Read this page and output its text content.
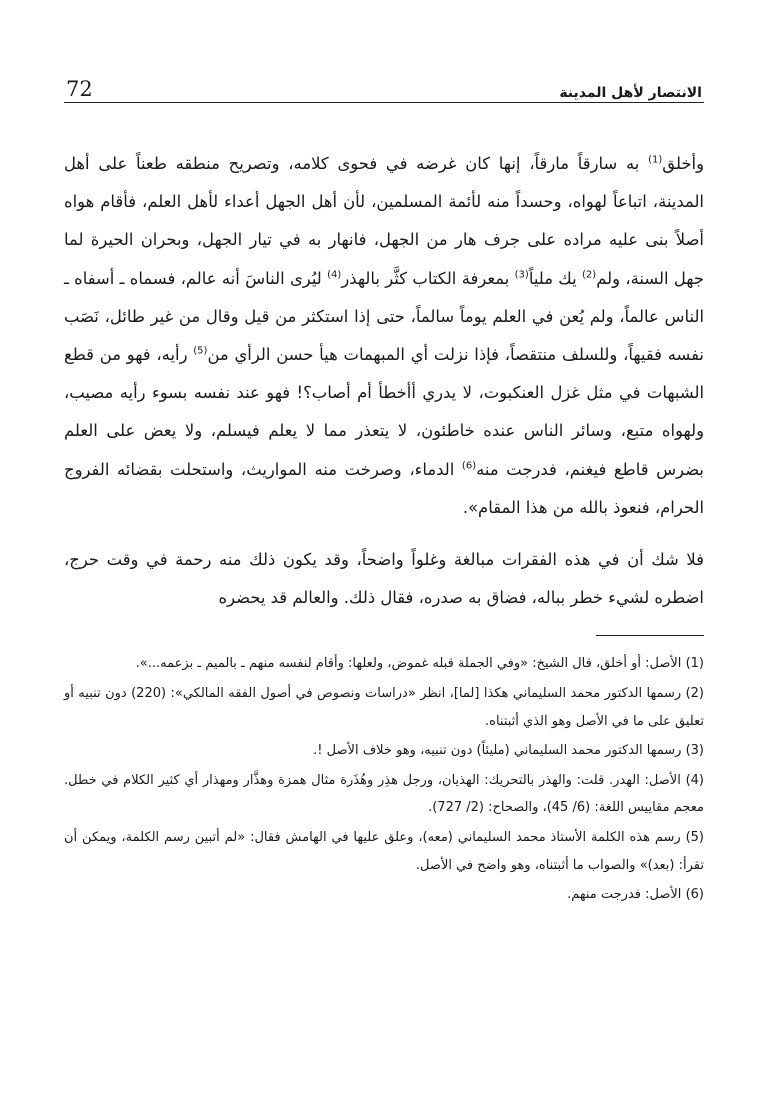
72	الانتصار لأهل المدينة

وأخلق$^{(1)}$ به سارقاً مارقاً، إنها كان غرضه في فحوى كلامه، وتصريح منطقه طعناً على أهل المدينة، اتباعاً لهواه، وحسداً منه لأئمة المسلمين، لأن أهل الجهل أعداء لأهل العلم، فأقام هواه أصلاً بنى عليه مراده على جرف هار من الجهل، فانهار به في تيار الجهل، وبحران الحيرة لما جهل السنة، ولم$^{(2)}$ يك ملياً$^{(3)}$ بمعرفة الكتاب كثَّر بالهذر$^{(4)}$ ليُرى الناسَ أنه عالم، فسماه ـ أسفاه ـ الناس عالماً، ولم يُعن في العلم يوماً سالماً، حتى إذا استكثر من قيل وقال من غير طائل، نَصَب نفسه فقيهاً، وللسلف منتقصاً، فإذا نزلت أي المبهمات هيأ حسن الرأي من$^{(5)}$ رأيه، فهو من قطع الشبهات في مثل غزل العنكبوت، لا يدري أأخطأ أم أصاب؟! فهو عند نفسه بسوء رأيه مصيب، ولهواه متبع، وسائر الناس عنده خاطئون، لا يتعذر مما لا يعلم فيسلم، ولا يعض على العلم بضرس قاطع فيغنم، فدرجت منه$^{(6)}$ الدماء، وصرخت منه المواريث، واستحلت بقضائه الفروج الحرام، فنعوذ بالله من هذا المقام».

فلا شك أن في هذه الفقرات مبالغة وغلواً واضحاً، وقد يكون ذلك منه رحمة في وقت حرج، اضطره لشيء خطر بباله، فضاق به صدره، فقال ذلك. والعالم قد يحضره

(1) الأصل: أو أخلق، قال الشيخ: «وفي الجملة قبله غموض، ولعلها: وأقام لنفسه منهم ـ بالميم ـ بزعمه...».
(2) رسمها الدكتور محمد السليماني هكذا [لما]، انظر «دراسات ونصوص في أصول الفقه المالكي»: (220) دون تنبيه أو تعليق على ما في الأصل وهو الذي أثبتناه.
(3) رسمها الدكتور محمد السليماني (مليئاً) دون تنبيه، وهو خلاف الأصل !.
(4) الأصل: الهدر. قلت: والهذر بالتحريك: الهذيان، ورجل هذِر وهُذَرة مثال همزة وهذَّار ومهذار أي كثير الكلام في خطل. معجم مقاييس اللغة: (6/ 45)، والصحاح: (2/ 727).
(5) رسم هذه الكلمة الأستاذ محمد السليماني (معه)، وعلق عليها في الهامش فقال: «لم أتبين رسم الكلمة، ويمكن أن تقرأ: (بعد)» والصواب ما أثبتناه، وهو واضح في الأصل.
(6) الأصل: فدرجت منهم.
